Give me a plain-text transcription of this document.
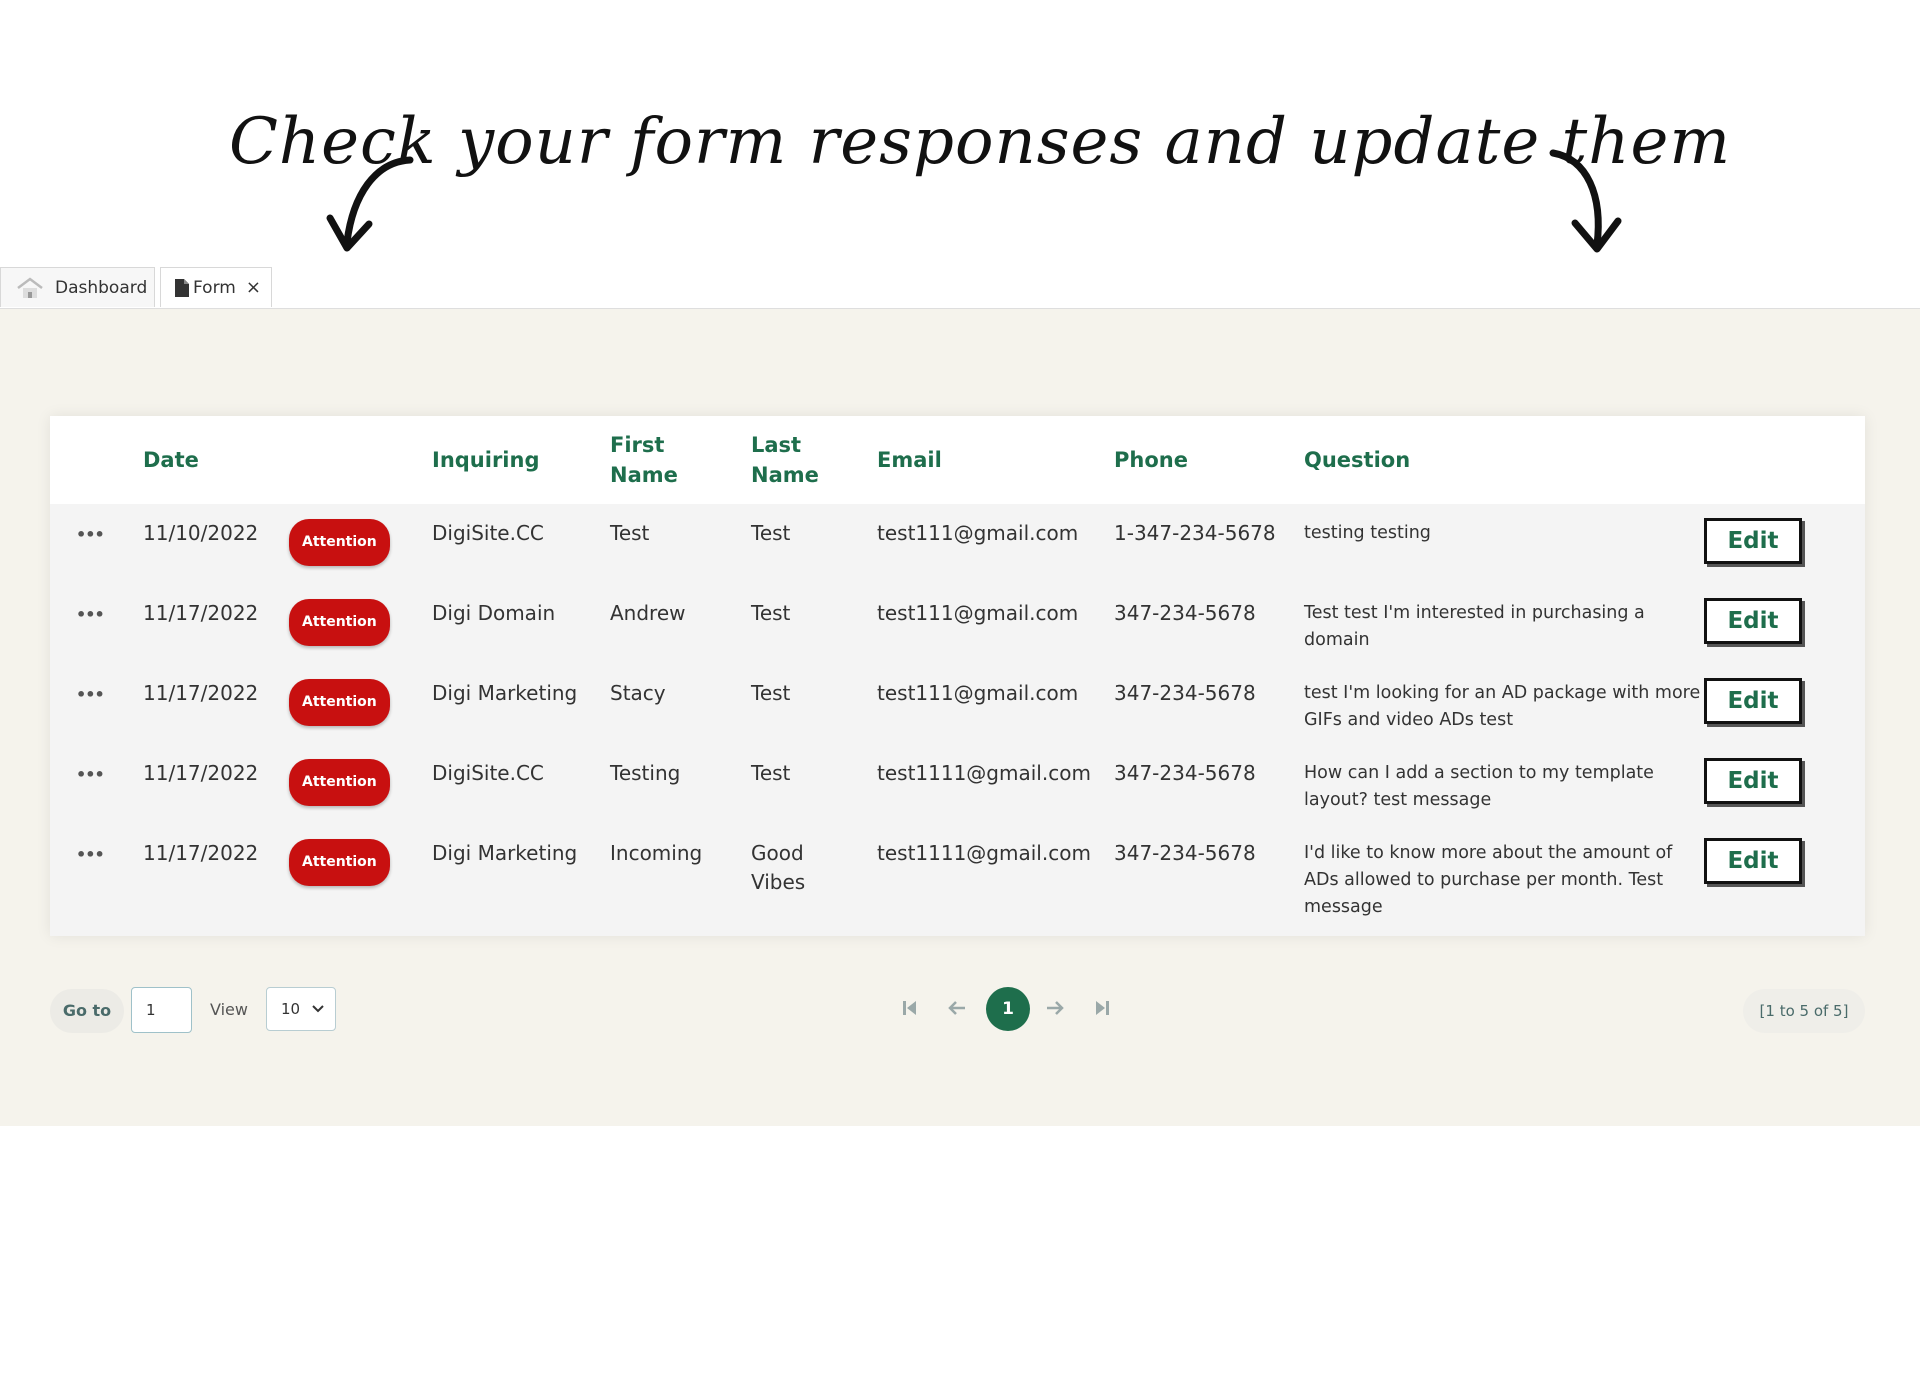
Check your form responses and update them
Dashboard	Form ×
	Date		Inquiring	First Name	Last Name	Email	Phone	Question	

•••	11/10/2022	Attention	DigiSite.CC	Test	Test	test111@gmail.com	1-347-234-5678	testing testing	Edit

•••	11/17/2022	Attention	Digi Domain	Andrew	Test	test111@gmail.com	347-234-5678	Test test I'm interested in purchasing a domain	Edit

•••	11/17/2022	Attention	Digi Marketing	Stacy	Test	test111@gmail.com	347-234-5678	test I'm looking for an AD package with more GIFs and video ADs test	Edit

•••	11/17/2022	Attention	DigiSite.CC	Testing	Test	test1111@gmail.com	347-234-5678	How can I add a section to my template layout? test message	Edit

•••	11/17/2022	Attention	Digi Marketing	Incoming	Good Vibes	test1111@gmail.com	347-234-5678	I'd like to know more about the amount of ADs allowed to purchase per month. Test message	Edit
Go to
1	View 10	1	[1 to 5 of 5]
